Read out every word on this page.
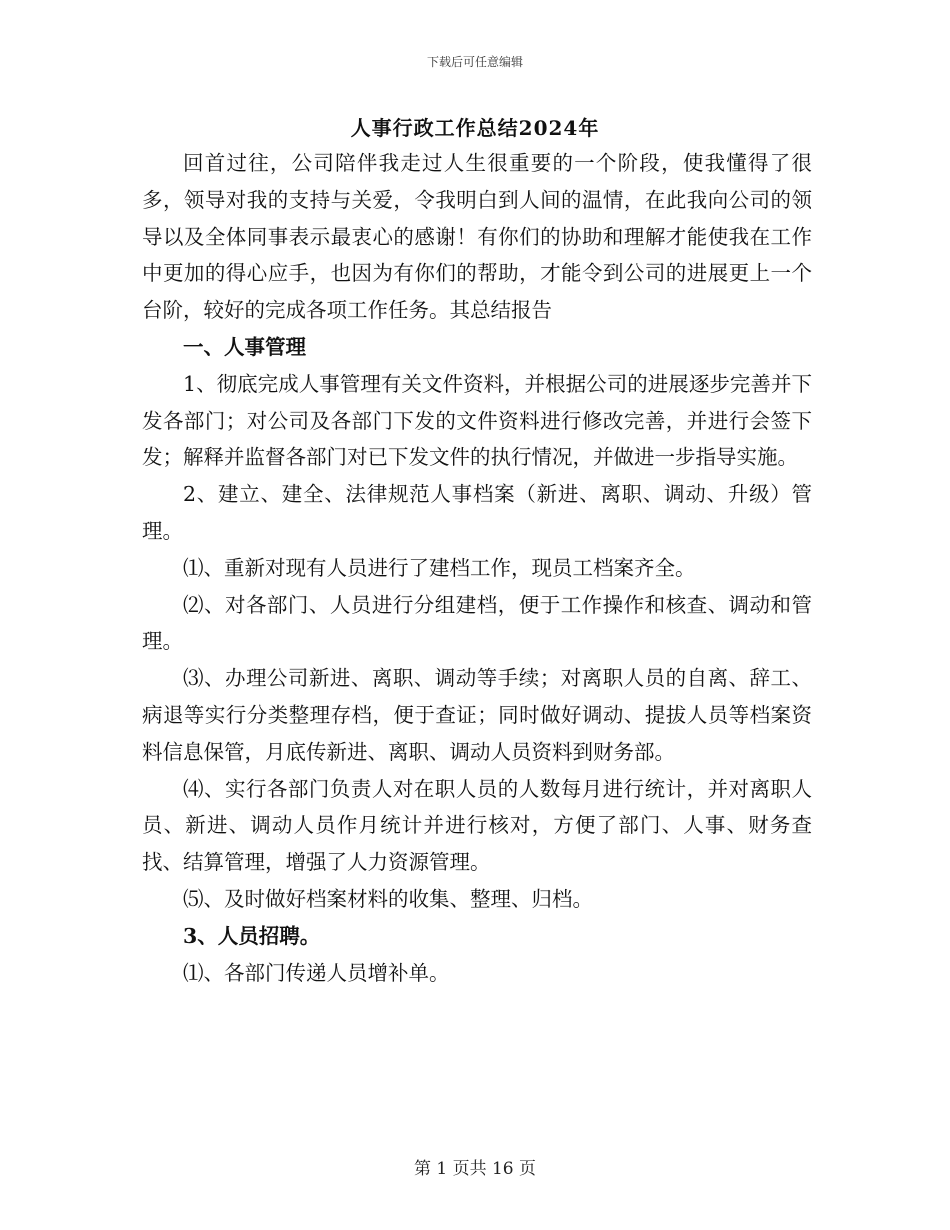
下载后可任意编辑
人事行政工作总结2024年

回首过往，公司陪伴我走过人生很重要的一个阶段，使我懂得了很多，领导对我的支持与关爱，令我明白到人间的温情，在此我向公司的领导以及全体同事表示最衷心的感谢！有你们的协助和理解才能使我在工作中更加的得心应手，也因为有你们的帮助，才能令到公司的进展更上一个台阶，较好的完成各项工作任务。其总结报告

一、人事管理

1、彻底完成人事管理有关文件资料，并根据公司的进展逐步完善并下发各部门；对公司及各部门下发的文件资料进行修改完善，并进行会签下发；解释并监督各部门对已下发文件的执行情况，并做进一步指导实施。

2、建立、建全、法律规范人事档案（新进、离职、调动、升级）管理。

⑴、重新对现有人员进行了建档工作，现员工档案齐全。

⑵、对各部门、人员进行分组建档，便于工作操作和核查、调动和管理。

⑶、办理公司新进、离职、调动等手续；对离职人员的自离、辞工、病退等实行分类整理存档，便于查证；同时做好调动、提拔人员等档案资料信息保管，月底传新进、离职、调动人员资料到财务部。

⑷、实行各部门负责人对在职人员的人数每月进行统计，并对离职人员、新进、调动人员作月统计并进行核对，方便了部门、人事、财务查找、结算管理，增强了人力资源管理。

⑸、及时做好档案材料的收集、整理、归档。

3、人员招聘。

⑴、各部门传递人员增补单。

第 1 页共 16 页
